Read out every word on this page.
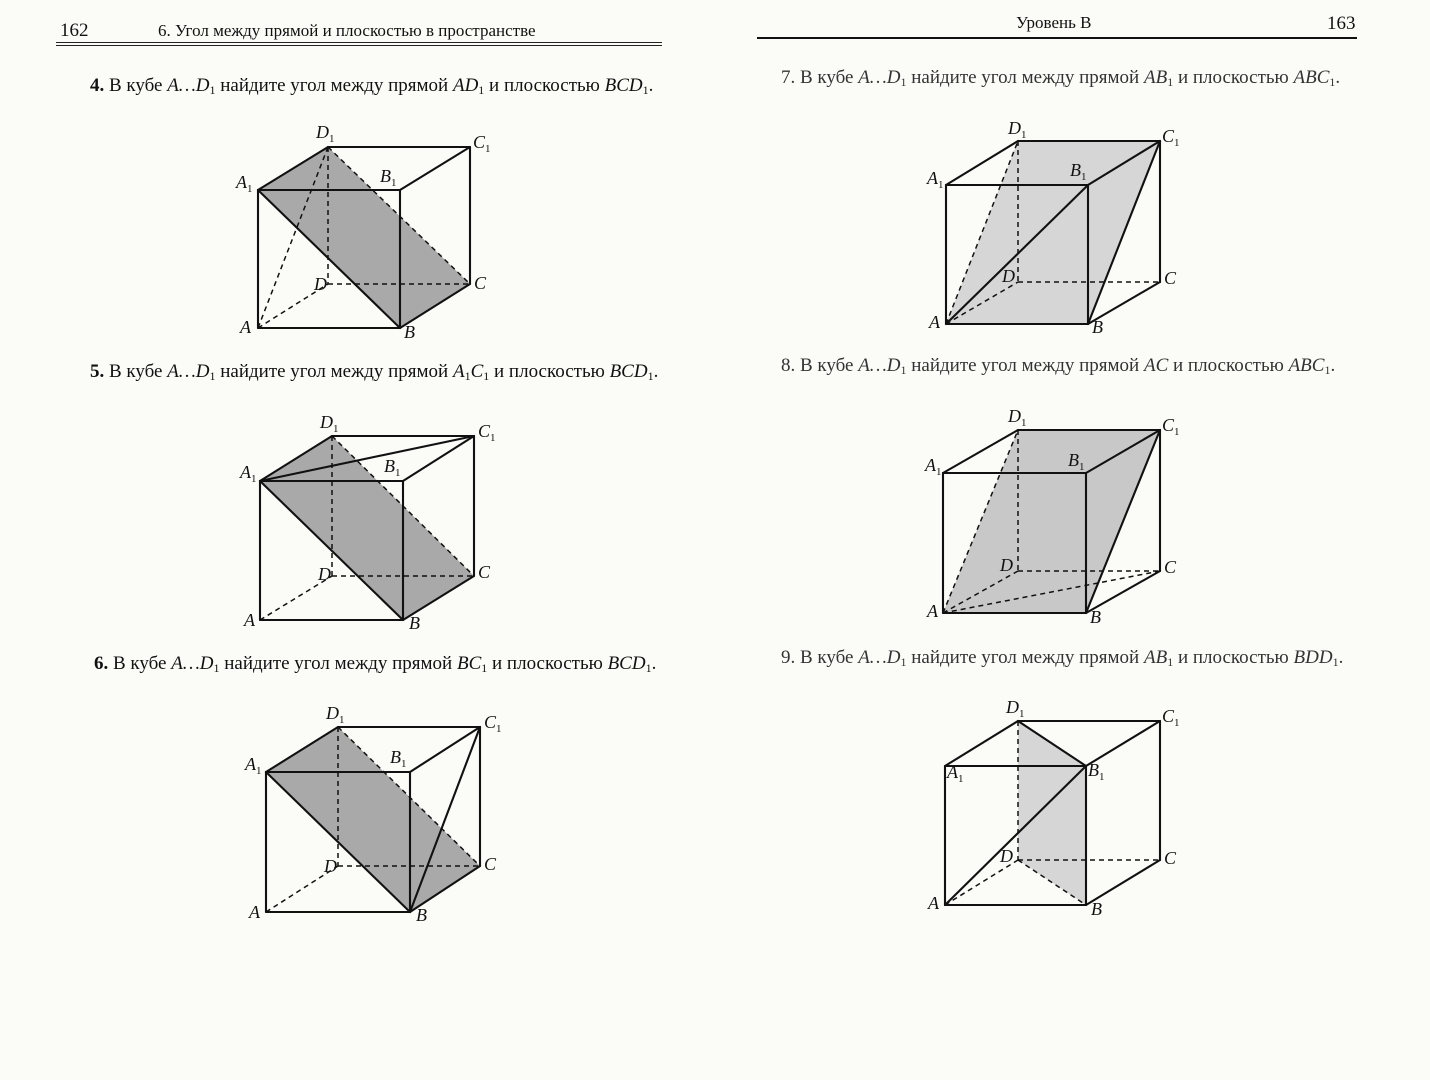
162	6. Угол между прямой и плоскостью в пространстве
4. В кубе $A\dots D_1$ найдите угол между прямой $AD_1$ и плоскостью $BCD_1$.
$A_1$
$B_1$
$C_1$
$D_1$
A	B
C
D
5. В кубе $A\dots D_1$ найдите угол между прямой $A_1C_1$ и плоскостью $BCD_1$.
$A_1$
$B_1$
$C_1$
$D_1$
A	B
C
D
6. В кубе $A\dots D_1$ найдите угол между прямой $BC_1$ и плоскостью $BCD_1$.
$A_1$
$B_1$
$C_1$
$D_1$
A	B
C
D
Уровень B	163
7. В кубе $A\dots D_1$ найдите угол между прямой $AB_1$ и плоскостью $ABC_1$.
$A_1$
$B_1$
$C_1$
$D_1$
A	B
C
D
8. В кубе $A\dots D_1$ найдите угол между прямой AC и плоскостью $ABC_1$.
$A_1$
$B_1$
$C_1$
$D_1$
A	B
C
D
9. В кубе $A\dots D_1$ найдите угол между прямой $AB_1$ и плоскостью $BDD_1$.
$A_1$	$B_1$
$C_1$
$D_1$
A	B
C
D
